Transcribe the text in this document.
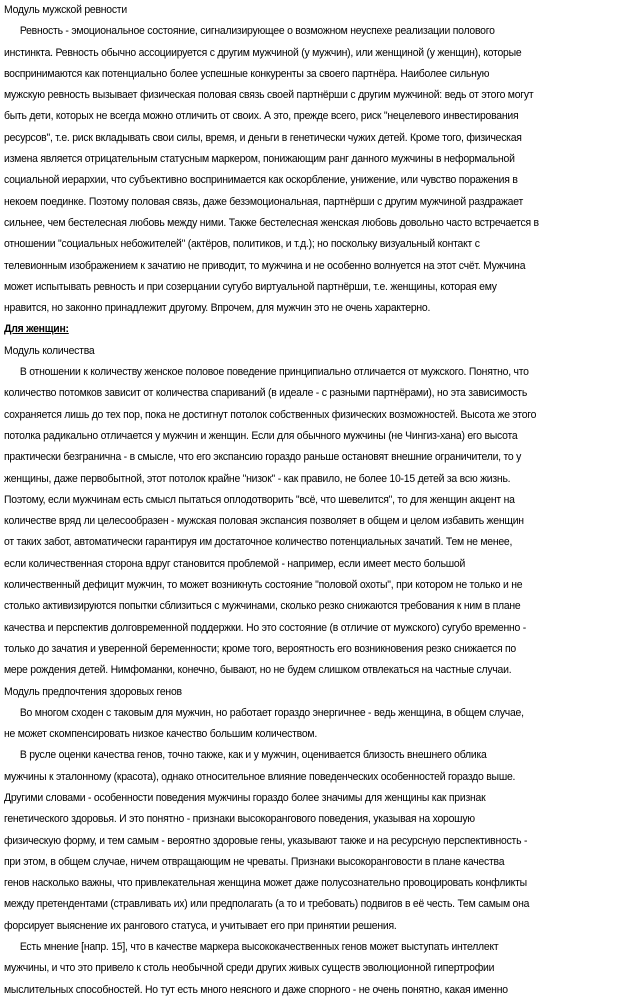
Модуль мужской ревности
Ревность - эмоциональное состояние, сигнализирующее о возможном неуспехе реализации полового
инстинкта. Ревность обычно ассоциируется с другим мужчиной (у мужчин), или женщиной (у женщин), которые
воспринимаются как потенциально более успешные конкуренты за своего партнёра. Наиболее сильную
мужскую ревность вызывает физическая половая связь своей партнёрши с другим мужчиной: ведь от этого могут
быть дети, которых не всегда можно отличить от своих. А это, прежде всего, риск "нецелевого инвестирования
ресурсов", т.е. риск вкладывать свои силы, время, и деньги в генетически чужих детей. Кроме того, физическая
измена является отрицательным статусным маркером, понижающим ранг данного мужчины в неформальной
социальной иерархии, что субъективно воспринимается как оскорбление, унижение, или чувство поражения в
некоем поединке. Поэтому половая связь, даже безэмоциональная, партнёрши с другим мужчиной раздражает
сильнее, чем бестелесная любовь между ними. Также бестелесная женская любовь довольно часто встречается в
отношении "социальных небожителей" (актёров, политиков, и т.д.); но поскольку визуальный контакт с
телевионным изображением к зачатию не приводит, то мужчина и не особенно волнуется на этот счёт. Мужчина
может испытывать ревность и при созерцании сугубо виртуальной партнёрши, т.е. женщины, которая ему
нравится, но законно принадлежит другому. Впрочем, для мужчин это не очень характерно.
Для женщин:
Модуль количества
В отношении к количеству женское половое поведение принципиально отличается от мужского. Понятно, что
количество потомков зависит от количества спариваний (в идеале - с разными партнёрами), но эта зависимость
сохраняется лишь до тех пор, пока не достигнут потолок собственных физических возможностей. Высота же этого
потолка радикально отличается у мужчин и женщин. Если для обычного мужчины (не Чингиз-хана) его высота
практически безгранична - в смысле, что его экспансию гораздо раньше остановят внешние ограничители, то у
женщины, даже первобытной, этот потолок крайне "низок" - как правило, не более 10-15 детей за всю жизнь.
Поэтому, если мужчинам есть смысл пытаться оплодотворить "всё, что шевелится", то для женщин акцент на
количестве вряд ли целесообразен - мужская половая экспансия позволяет в общем и целом избавить женщин
от таких забот, автоматически гарантируя им достаточное количество потенциальных зачатий. Тем не менее,
если количественная сторона вдруг становится проблемой - например, если имеет место большой
количественный дефицит мужчин, то может возникнуть состояние "половой охоты", при котором не только и не
столько активизируются попытки сблизиться с мужчинами, сколько резко снижаются требования к ним в плане
качества и перспектив долговременной поддержки. Но это состояние (в отличие от мужского) сугубо временно -
только до зачатия и уверенной беременности; кроме того, вероятность его возникновения резко снижается по
мере рождения детей. Нимфоманки, конечно, бывают, но не будем слишком отвлекаться на частные случаи.
Модуль предпочтения здоровых генов
Во многом сходен с таковым для мужчин, но работает гораздо энергичнее - ведь женщина, в общем случае,
не может скомпенсировать низкое качество большим количеством.
В русле оценки качества генов, точно также, как и у мужчин, оценивается близость внешнего облика
мужчины к эталонному (красота), однако относительное влияние поведенческих особенностей гораздо выше.
Другими словами - особенности поведения мужчины гораздо более значимы для женщины как признак
генетического здоровья. И это понятно - признаки высокорангового поведения, указывая на хорошую
физическую форму, и тем самым - вероятно здоровые гены, указывают также и на ресурсную перспективность -
при этом, в общем случае, ничем отвращающим не чреваты. Признаки высокоранговости в плане качества
генов насколько важны, что привлекательная женщина может даже полусознательно провоцировать конфликты
между претендентами (стравливать их) или предполагать (а то и требовать) подвигов в её честь. Тем самым она
форсирует выяснение их рангового статуса, и учитывает его при принятии решения.
Есть мнение [напр. 15], что в качестве маркера высококачественных генов может выступать интеллект
мужчины, и что это привело к столь необычной среди других живых существ эволюционной гипертрофии
мыслительных способностей. Но тут есть много неясного и даже спорного - не очень понятно, какая именно
